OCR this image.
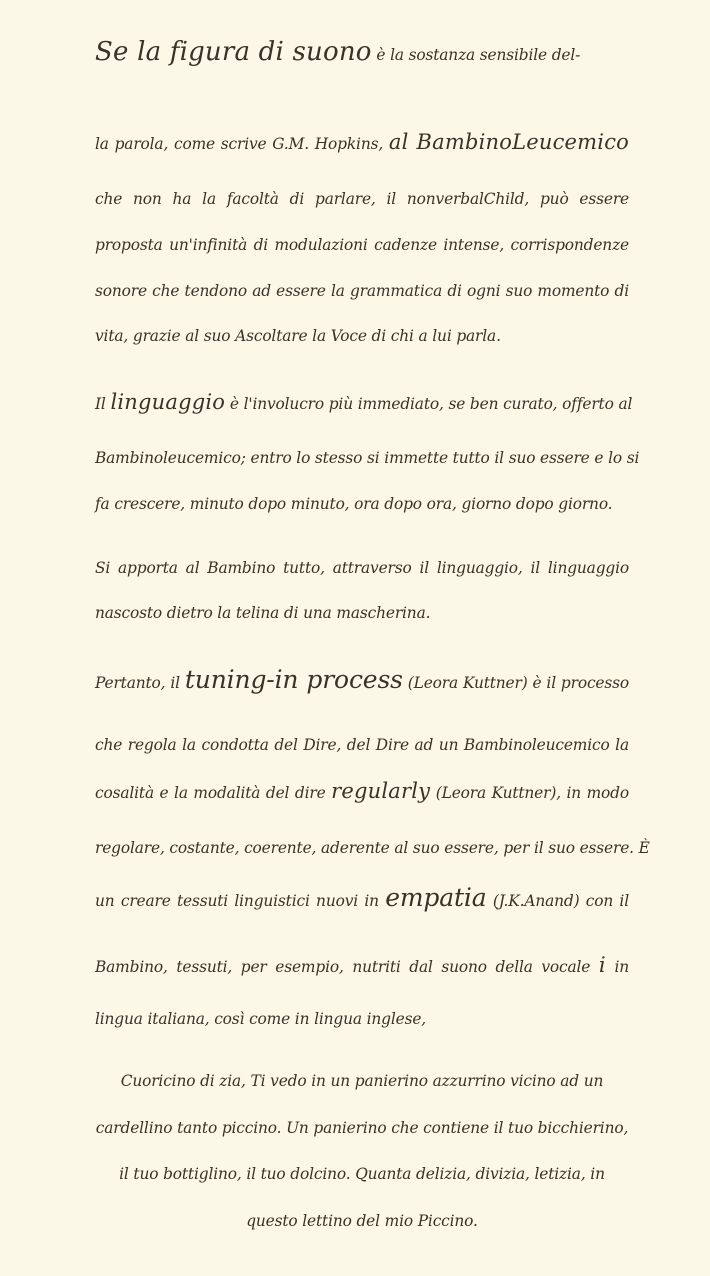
Se la figura di suono è la sostanza sensibile del-
la parola, come scrive G.M. Hopkins, al BambinoLeucemico
che non ha la facoltà di parlare, il nonverbalChild, può essere
proposta un'infinità di modulazioni cadenze intense, corrispondenze
sonore che tendono ad essere la grammatica di ogni suo momento di
vita, grazie al suo Ascoltare la Voce di chi a lui parla.
Il linguaggio è l'involucro più immediato, se ben curato, offerto al
Bambinoleucemico; entro lo stesso si immette tutto il suo essere e lo si
fa crescere, minuto dopo minuto, ora dopo ora, giorno dopo giorno.
Si apporta al Bambino tutto, attraverso il linguaggio, il linguaggio
nascosto dietro la telina di una mascherina.
Pertanto, il tuning-in process (Leora Kuttner) è il processo
che regola la condotta del Dire, del Dire ad un Bambinoleucemico la
cosalità e la modalità del dire regularly (Leora Kuttner), in modo
regolare, costante, coerente, aderente al suo essere, per il suo essere. È
un creare tessuti linguistici nuovi in empatia (J.K.Anand) con il
Bambino, tessuti, per esempio, nutriti dal suono della vocale i in
lingua italiana, così come in lingua inglese,
Cuoricino di zia, Ti vedo in un panierino azzurrino vicino ad un
cardellino tanto piccino. Un panierino che contiene il tuo bicchierino,
il tuo bottiglino, il tuo dolcino. Quanta delizia, divizia, letizia, in
questo lettino del mio Piccino.
